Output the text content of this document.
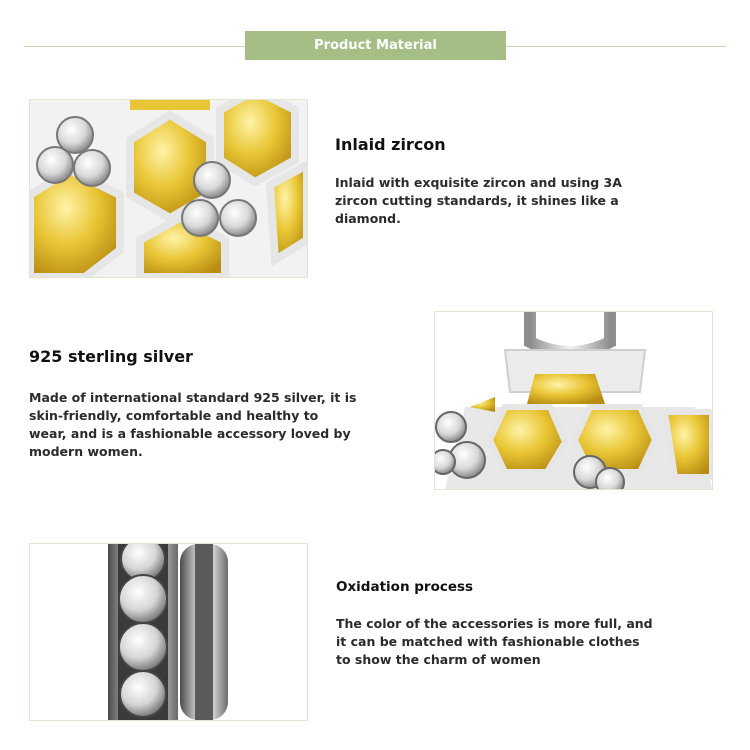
Product Material
Inlaid zircon
Inlaid with exquisite zircon and using 3A zircon cutting standards, it shines like a diamond.
925 sterling silver
Made of international standard 925 silver, it is skin-friendly, comfortable and healthy to wear, and is a fashionable accessory loved by modern women.
Oxidation process
The color of the accessories is more full, and it can be matched with fashionable clothes to show the charm of women
